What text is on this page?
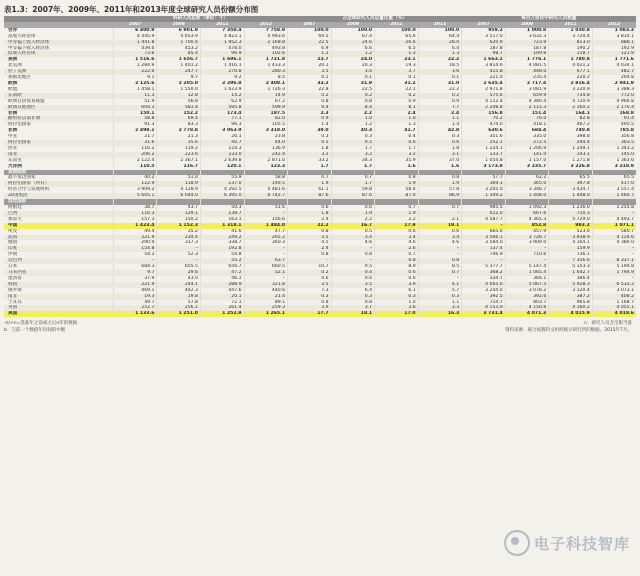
表1.3：2007年、2009年、2011年和2013年度全球研究人员份额分布图
	科研人员总数（单位：千）				占全球研究人员总量比重（%）				每百万居民中研究人员数量			
	2007	2009	2011	2013	2007	2009	2011	2013	2007	2009	2011	2013
世界	6 400.9	6 901.9	7 350.4	7 758.9	100.0	100.0	100.0	100.0	959.2	1 000.8	1 030.8	1 083.3
高收入经济体	4 445.9	4 653.9	4 823.1	4 993.6	69.5	67.4	65.6	64.4	3 517.0	3 632.3	3 720.4	3 814.1
中等偏上收入经济体	1 441.8	1 700.4	1 952.3	2 168.8	22.5	24.6	26.6	28.0	620.9	723.9	813.0	888.1
中等偏下收入经济体	439.6	453.2	478.0	493.8	6.9	6.6	6.5	6.4	187.8	187.8	190.2	192.9
低收入经济体	73.6	85.4	96.9	102.6	1.2	1.2	1.3	1.3	98.7	109.6	118.7	121.9
美洲	1 516.6	1 656.7	1 696.1	1 721.8	23.7	24.0	23.1	22.2	1 663.2	1 776.1	1 780.8	1 771.6
北美洲	1 284.9	1 401.2	1 416.1	1 433.3	20.1	20.3	19.3	18.5	3 814.6	4 081.5	4 021.2	4 034.1
拉丁美洲	222.6	247.7	270.8	280.3	3.5	3.6	3.7	3.6	415.8	448.0	477.1	482.7
加勒比地区	9.1	9.7	9.2	8.5	0.1	0.1	0.1	0.1	221.0	235.4	220.2	204.8
欧洲	2 125.6	2 205.0	2 296.8	2 408.1	33.2	31.9	31.2	31.0	2 635.4	2 717.4	2 816.4	2 941.9
欧盟	1 458.1	1 550.0	1 623.9	1 726.3	22.8	22.5	22.1	22.2	2 971.8	3 081.9	3 220.9	3 388.3
东南欧	11.3	12.8	14.2	14.9	0.2	0.2	0.2	0.2	575.6	659.9	734.8	772.0
欧洲自由贸易联盟	51.9	56.8	62.9	67.2	0.8	0.8	0.9	0.9	4 112.4	4 380.4	4 720.9	4 966.8
欧洲其他地区	604.3	581.4	595.8	599.9	9.4	8.4	8.1	7.7	2 208.8	2 115.3	2 160.2	2 170.4
非洲	150.1	152.2	173.4	187.5	2.3	2.2	2.4	2.4	156.8	151.4	164.1	168.8
撒哈拉以南非洲	58.8	69.4	77.1	82.0	0.9	1.0	1.0	1.1	70.2	76.0	82.8	91.4
阿拉伯国家	91.3	83.3	96.3	105.5	1.4	1.2	1.3	1.4	474.0	418.1	467.2	495.5
亚洲	2 498.1	2 778.8	3 063.9	3 318.0	39.0	40.3	41.7	42.8	630.6	684.4	740.8	785.8
中亚	21.7	21.3	26.1	23.8	0.3	0.3	0.4	0.3	351.6	335.0	398.8	356.8
阿拉伯国家	31.6	35.6	40.7	44.0	0.5	0.5	0.6	0.6	252.1	272.5	294.4	303.5
西亚	116.2	119.2	124.3	136.9	1.8	1.7	1.7	1.8	1 224.1	1 206.9	1 249.1	1 343.2
南亚	206.2	223.6	233.0	242.4	3.2	3.2	3.2	3.1	133.7	141.0	143.1	145.0
东南亚	2 122.4	2 367.1	2 639.8	2 871.0	33.2	34.3	35.9	37.0	1 054.8	1 157.0	1 271.8	1 363.6
大洋洲	110.5	116.7	120.1	123.3	1.7	1.7	1.6	1.6	3 173.8	3 235.7	3 226.8	3 218.9
其他组别												
最不发达国家	40.2	51.0	55.9	58.8	0.7	0.7	0.8	0.8	57.7	62.2	65.5	65.5
阿拉伯国家（所有）	122.9	118.9	137.0	149.5	1.9	1.7	1.9	1.9	369.1	365.0	397.8	417.0
经济合作与发展组织	3 909.2	4 128.9	4 292.5	4 481.6	61.1	59.8	58.4	57.8	3 205.0	3 346.7	3 434.7	3 557.4
20国集团	5 605.1	6 044.0	6 395.0	6 742.7	87.6	87.6	87.0	86.9	1 349.2	1 408.0	1 448.0	1 460.7
选定国家												
阿根廷	38.7	43.7	50.3	51.6	0.6	0.6	0.7	0.7	985.5	1 092.3	1 236.0	1 255.8
巴西	116.3	129.1	138.7	–	1.8	1.9	1.9	–	612.0	667.6	710.3	–
加拿大	157.3	150.2	163.1	156.6	2.4	2.2	2.2	2.1	4 587.7	4 365.3	4 729.0	4 493.7
中国	1 423.4	1 152.3	1 318.1	1 484.0	22.2	16.7	17.9	19.1	–	852.8	983.2	1 071.1
埃及	49.4	35.2	41.6	47.7	0.8	0.5	0.6	0.6	665.0	457.9	523.6	580.7
法国	221.9	234.4	249.2	265.2	3.5	3.4	3.4	3.4	3 566.1	3 726.7	3 938.9	4 124.6
德国	290.9	317.3	338.7	360.3	4.5	4.6	4.6	4.6	3 584.0	3 909.0	4 164.1	4 380.0
印度	154.8	–	192.8	–	2.4	–	2.6	–	137.4	–	159.9	–
伊朗	54.3	52.3	54.8	–	0.8	0.8	0.7	–	746.9	710.6	736.1	–
以色列	–	–	55.2	63.7	–	–	0.8	0.8	–	–	7 356.6	8 337.1
日本	684.3	655.5	656.7	660.5	10.7	9.5	8.9	8.5	5 377.7	5 147.4	5 153.3	5 194.8
马来西亚	9.7	29.6	47.2	52.1	0.2	0.4	0.6	0.7	368.2	1 065.4	1 642.7	1 794.9
墨西哥	37.9	43.0	46.1	–	0.6	0.6	0.6	–	334.7	366.1	386.4	–
韩国	221.9	244.1	288.9	321.8	3.5	3.5	3.9	4.1	4 665.0	5 067.5	5 928.3	6 533.2
俄罗斯	469.1	442.3	447.6	440.6	7.3	6.4	6.1	5.7	3 244.0	3 078.2	3 120.4	3 073.1
南非	19.3	19.8	20.1	21.4	0.3	0.3	0.3	0.3	392.5	392.6	387.2	408.2
土耳其	49.7	57.8	72.1	89.1	0.8	0.8	1.0	1.1	714.7	803.7	965.8	1 168.7
英国	252.7	256.1	261.4	259.3	3.9	3.7	3.6	3.3	4 153.9	4 150.6	4 160.2	4 055.1
美国	1 133.6	1 251.0	1 252.9	1 265.1	17.7	18.1	17.0	16.3	3 731.4	4 071.3	4 015.9	4 018.6
-n/+n=基准年之前或之后n年的数据
b：与前一个数值年份间的中断
n：研究人员含全职当量
资料来源：联合国教科文组织统计研究所的数据，2015年7月。
电子科技智库
